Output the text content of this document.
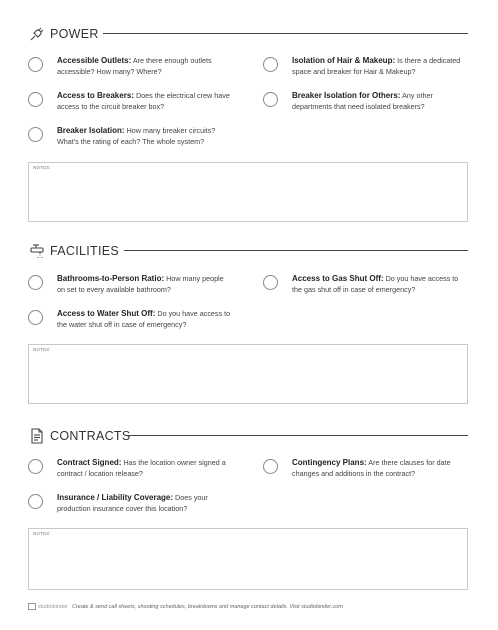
POWER
Accessible Outlets: Are there enough outlets accessible? How many? Where?
Isolation of Hair & Makeup: Is there a dedicated space and breaker for Hair & Makeup?
Access to Breakers: Does the electrical crew have access to the circuit breaker box?
Breaker Isolation for Others: Any other departments that need isolated breakers?
Breaker Isolation: How many breaker circuits? What's the rating of each? The whole system?
NOTES:
FACILITIES
Bathrooms-to-Person Ratio: How many people on set to every available bathroom?
Access to Gas Shut Off: Do you have access to the gas shut off in case of emergency?
Access to Water Shut Off: Do you have access to the water shut off in case of emergency?
NOTES:
CONTRACTS
Contract Signed: Has the location owner signed a contract / location release?
Contingency Plans: Are there clauses for date changes and additions in the contract?
Insurance / Liability Coverage: Does your production insurance cover this location?
NOTES:
studiobinder Create & send call sheets, shooting schedules, breakdowns and manage contact details. Visit studiobinder.com
